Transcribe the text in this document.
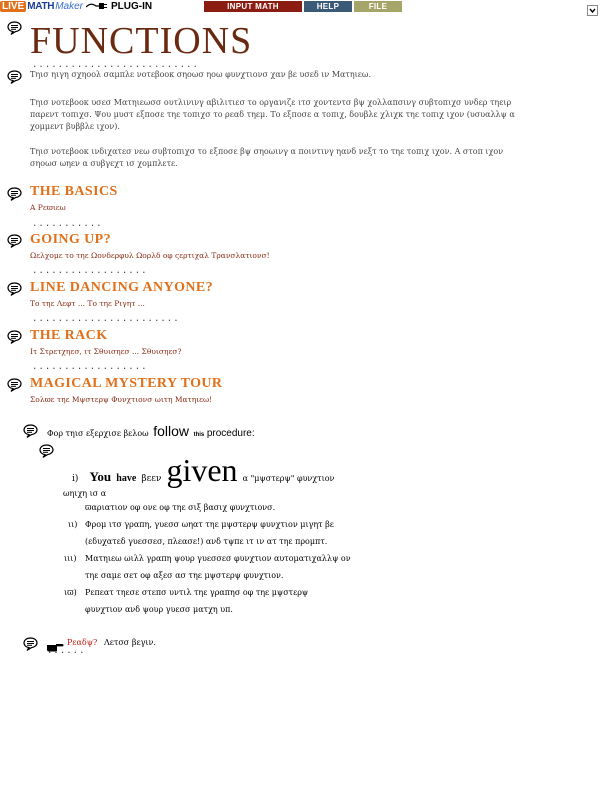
LIVE MATH Maker	PLUG-IN	INPUT MATH	HELP	FILE
FUNCTIONS
..........................
Τηισ ηιγη σχηοολ σαμπλε νοτεβοοκ σηοωσ ηοω φυνχτιονσ χαν βε υσεδ ιν Ματηιεω.
Τηισ νοτεβοοκ υσεσ Ματηιεωσσ ουτλινινγ αβιλιτιεσ το οργανιζε ιτσ χοντεντσ βψ χολλαπσινγ συβτοπιχσ υνδερ τηειρ
παρεντ τοπιχσ. Ψου μυστ εξποσε τηε τοπιχσ το ρεαδ τηεμ. Το εξποσε α τοπιχ, δουβλε χλιχκ τηε τοπιχ ιχον (υσυαλλψ α
χομμεντ βυββλε ιχον).
Τηισ νοτεβοοκ ινδιχατεσ νεω συβτοπιχσ το εξποσε βψ σηοωινγ α ποιντινγ ηανδ νεξτ το τηε τοπιχ ιχον. Α στοπ ιχον
σηοωσ ωηεν α συβγεχτ ισ χομπλετε.
THE BASICS
Α Ρεϖιεω
...........
GOING UP?
Ωελχομε το τηε Ωονδερφυλ Ωορλδ οφ ςερτιχαλ Τρανσλατιονσ!
..................
LINE DANCING ANYONE?
Το τηε Λεφτ ... Το τηε Ριγητ ...
.......................
THE RACK
Ιτ Στρετχηεσ, ιτ Σθυισηεσ ... Σθυισηεσ?
..................
MAGICAL MYSTERY TOUR
Σολϖε τηε Μψστερψ Φυνχτιονσ ωιτη Ματηιεω!
Φορ τηισ εξερχισε βελοω follow this procedure:
i) You have βεεν given α "μψστερψ" φυνχτιον
ωηιχη ισ α
ϖαριατιον οφ ονε οφ τηε σιξ βασιχ φυνχτιονσ.
ιι) Φρομ ιτσ γραπη, γυεσσ ωηατ τηε μψστερψ φυνχτιον μιγητ βε
(εδυχατεδ γυεσσεσ, πλεασε!) ανδ τψπε ιτ ιν ατ τηε προμπτ.
ιιι) Ματηιεω ωιλλ γραπη ψουρ γυεσσεσ φυνχτιον αυτοματιχαλλψ ον
τηε σαμε σετ οφ αξεσ ασ τηε μψστερψ φυνχτιον.
ιϖ) Ρεπεατ τηεσε στεπσ υντιλ τηε γραπησ οφ τηε μψστερψ
φυνχτιον ανδ ψουρ γυεσσ ματχη υπ.
Ρεαδψ? Λετσσ βεγιν.
......
